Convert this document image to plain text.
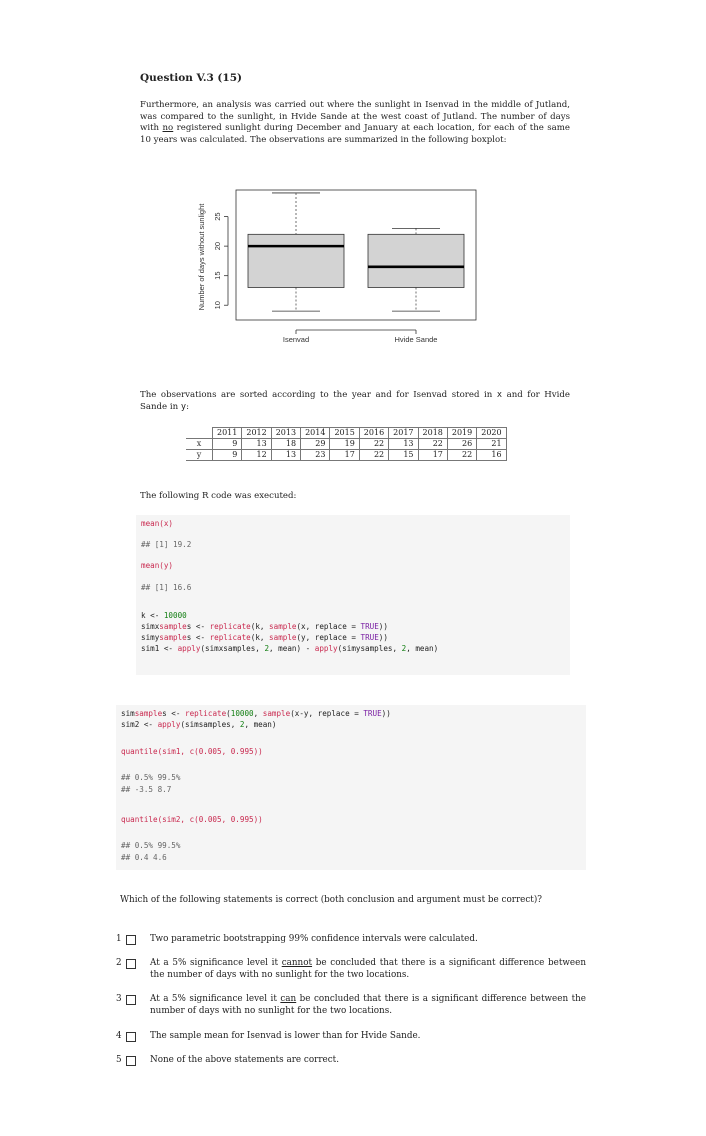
Question V.3 (15)
Furthermore, an analysis was carried out where the sunlight in Isenvad in the middle of Jutland, was compared to the sunlight, in Hvide Sande at the west coast of Jutland. The number of days with no registered sunlight during December and January at each location, for each of the same 10 years was calculated. The observations are summarized in the following boxplot:
Number of days without sunlight 10
15
20
25
Isenvad	Hvide Sande
The observations are sorted according to the year and for Isenvad stored in x and for Hvide Sande in y:
	2011	2012	2013	2014	2015	2016	2017	2018	2019	2020
x	9	13	18	29	19	22	13	22	26	21
y	9	12	13	23	17	22	15	17	22	16
The following R code was executed:
mean(x)
## [1] 19.2
mean(y)
## [1] 16.6
k <- 10000
simxsamples <- replicate(k, sample(x, replace = TRUE))
simysamples <- replicate(k, sample(y, replace = TRUE))
sim1 <- apply(simxsamples, 2, mean) - apply(simysamples, 2, mean)
simsamples <- replicate(10000, sample(x-y, replace = TRUE))
sim2 <- apply(simsamples, 2, mean)
quantile(sim1, c(0.005, 0.995))
## 0.5% 99.5%
## -3.5 8.7
quantile(sim2, c(0.005, 0.995))
## 0.5% 99.5%
## 0.4 4.6
Which of the following statements is correct (both conclusion and argument must be correct)?
1	Two parametric bootstrapping 99% confidence intervals were calculated.
2	At a 5% significance level it cannot be concluded that there is a significant difference between the number of days with no sunlight for the two locations.
3	At a 5% significance level it can be concluded that there is a significant difference between the number of days with no sunlight for the two locations.
4	The sample mean for Isenvad is lower than for Hvide Sande.
5	None of the above statements are correct.
